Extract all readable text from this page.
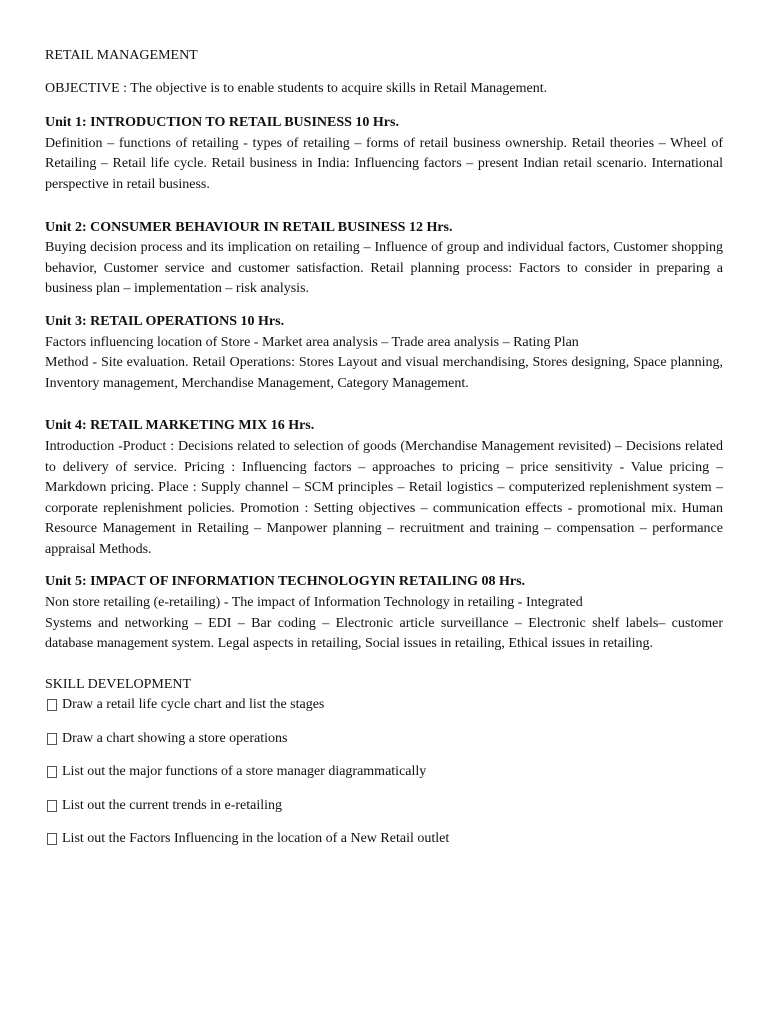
RETAIL MANAGEMENT

OBJECTIVE : The objective is to enable students to acquire skills in Retail Management.

Unit 1: INTRODUCTION TO RETAIL BUSINESS 10 Hrs.

Definition – functions of retailing - types of retailing – forms of retail business ownership. Retail theories – Wheel of Retailing – Retail life cycle. Retail business in India: Influencing factors – present Indian retail scenario. International perspective in retail business.

Unit 2: CONSUMER BEHAVIOUR IN RETAIL BUSINESS 12 Hrs.

Buying decision process and its implication on retailing – Influence of group and individual factors, Customer shopping behavior, Customer service and customer satisfaction. Retail planning process: Factors to consider in preparing a business plan – implementation – risk analysis.

Unit 3: RETAIL OPERATIONS 10 Hrs.

Factors influencing location of Store - Market area analysis – Trade area analysis – Rating Plan

Method - Site evaluation. Retail Operations: Stores Layout and visual merchandising, Stores designing, Space planning, Inventory management, Merchandise Management, Category Management.

Unit 4: RETAIL MARKETING MIX 16 Hrs.

Introduction -Product : Decisions related to selection of goods (Merchandise Management revisited) – Decisions related to delivery of service. Pricing : Influencing factors – approaches to pricing – price sensitivity - Value pricing – Markdown pricing. Place : Supply channel – SCM principles – Retail logistics – computerized replenishment system – corporate replenishment policies. Promotion : Setting objectives – communication effects - promotional mix. Human Resource Management in Retailing – Manpower planning – recruitment and training – compensation – performance appraisal Methods.

Unit 5: IMPACT OF INFORMATION TECHNOLOGYIN RETAILING 08 Hrs.

Non store retailing (e-retailing) - The impact of Information Technology in retailing - Integrated

Systems and networking – EDI – Bar coding – Electronic article surveillance – Electronic shelf labels– customer database management system. Legal aspects in retailing, Social issues in retailing, Ethical issues in retailing.

SKILL DEVELOPMENT

Draw a retail life cycle chart and list the stages
Draw a chart showing a store operations
List out the major functions of a store manager diagrammatically
List out the current trends in e-retailing
List out the Factors Influencing in the location of a New Retail outlet
